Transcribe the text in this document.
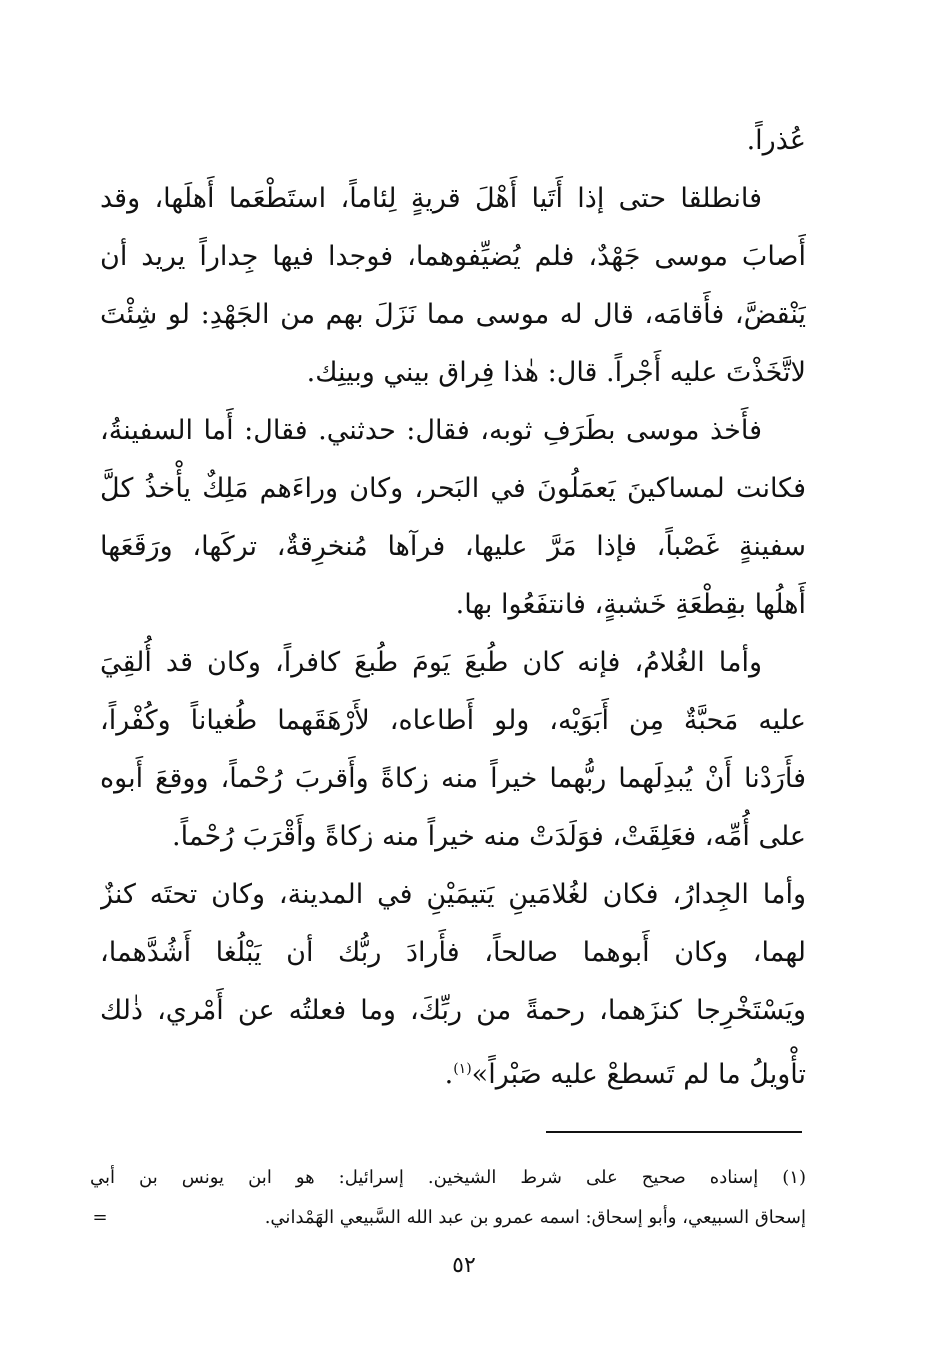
عُذراً.
فانطلقا حتى إذا أَتَيا أَهْلَ قريةٍ لِئاماً، استَطْعَما أَهلَها، وقد
أَصابَ موسى جَهْدٌ، فلم يُضيِّفوهما، فوجدا فيها جِداراً يريد أن
يَنْقضَّ، فأَقامَه، قال له موسى مما نَزَلَ بهم من الجَهْدِ: لو شِئْتَ
لاتَّخَذْتَ عليه أَجْراً. قال: هٰذا فِراق بيني وبينِك.
فأَخذ موسى بطَرَفِ ثوبه، فقال: حدثني. فقال: أَما السفينةُ،
فكانت لمساكينَ يَعمَلُونَ في البَحر، وكان وراءَهم مَلِكٌ يأْخذُ كلَّ
سفينةٍ غَصْباً، فإذا مَرَّ عليها، فرآها مُنخرِقةٌ، تركَها، ورَقَعَها
أَهلُها بقِطْعَةِ خَشبةٍ، فانتفَعُوا بها.
وأما الغُلامُ، فإنه كان طُبعَ يَومَ طُبعَ كافراً، وكان قد أُلقِيَ
عليه مَحبَّةٌ مِن أَبَوَيْه، ولو أَطاعاه، لأَرْهَقَهما طُغياناً وكُفْراً،
فأَرَدْنا أَنْ يُبدِلَهما ربُّهما خيراً منه زكاةً وأَقربَ رُحْماً، ووقعَ أَبوه
على أُمِّه، فعَلِقَتْ، فوَلَدَتْ منه خيراً منه زكاةً وأَقْرَبَ رُحْماً.
وأما الجِدارُ، فكان لغُلامَينِ يَتيمَيْنِ في المدينة، وكان تحتَه كنزٌ
لهما، وكان أَبوهما صالحاً، فأَرادَ ربُّك أن يَبْلُغا أَشُدَّهما،
ويَسْتَخْرِجا كنزَهما، رحمةً من ربِّكَ، وما فعلتُه عن أَمْري، ذٰلك
تأْويلُ ما لم تَسطعْ عليه صَبْراً»$^{(١)}$.
(١) إسناده صحيح على شرط الشيخين. إسرائيل: هو ابن يونس بن أبي
إسحاق السبيعي، وأبو إسحاق: اسمه عمرو بن عبد الله السَّبيعي الهَمْداني.
=
٥٢
